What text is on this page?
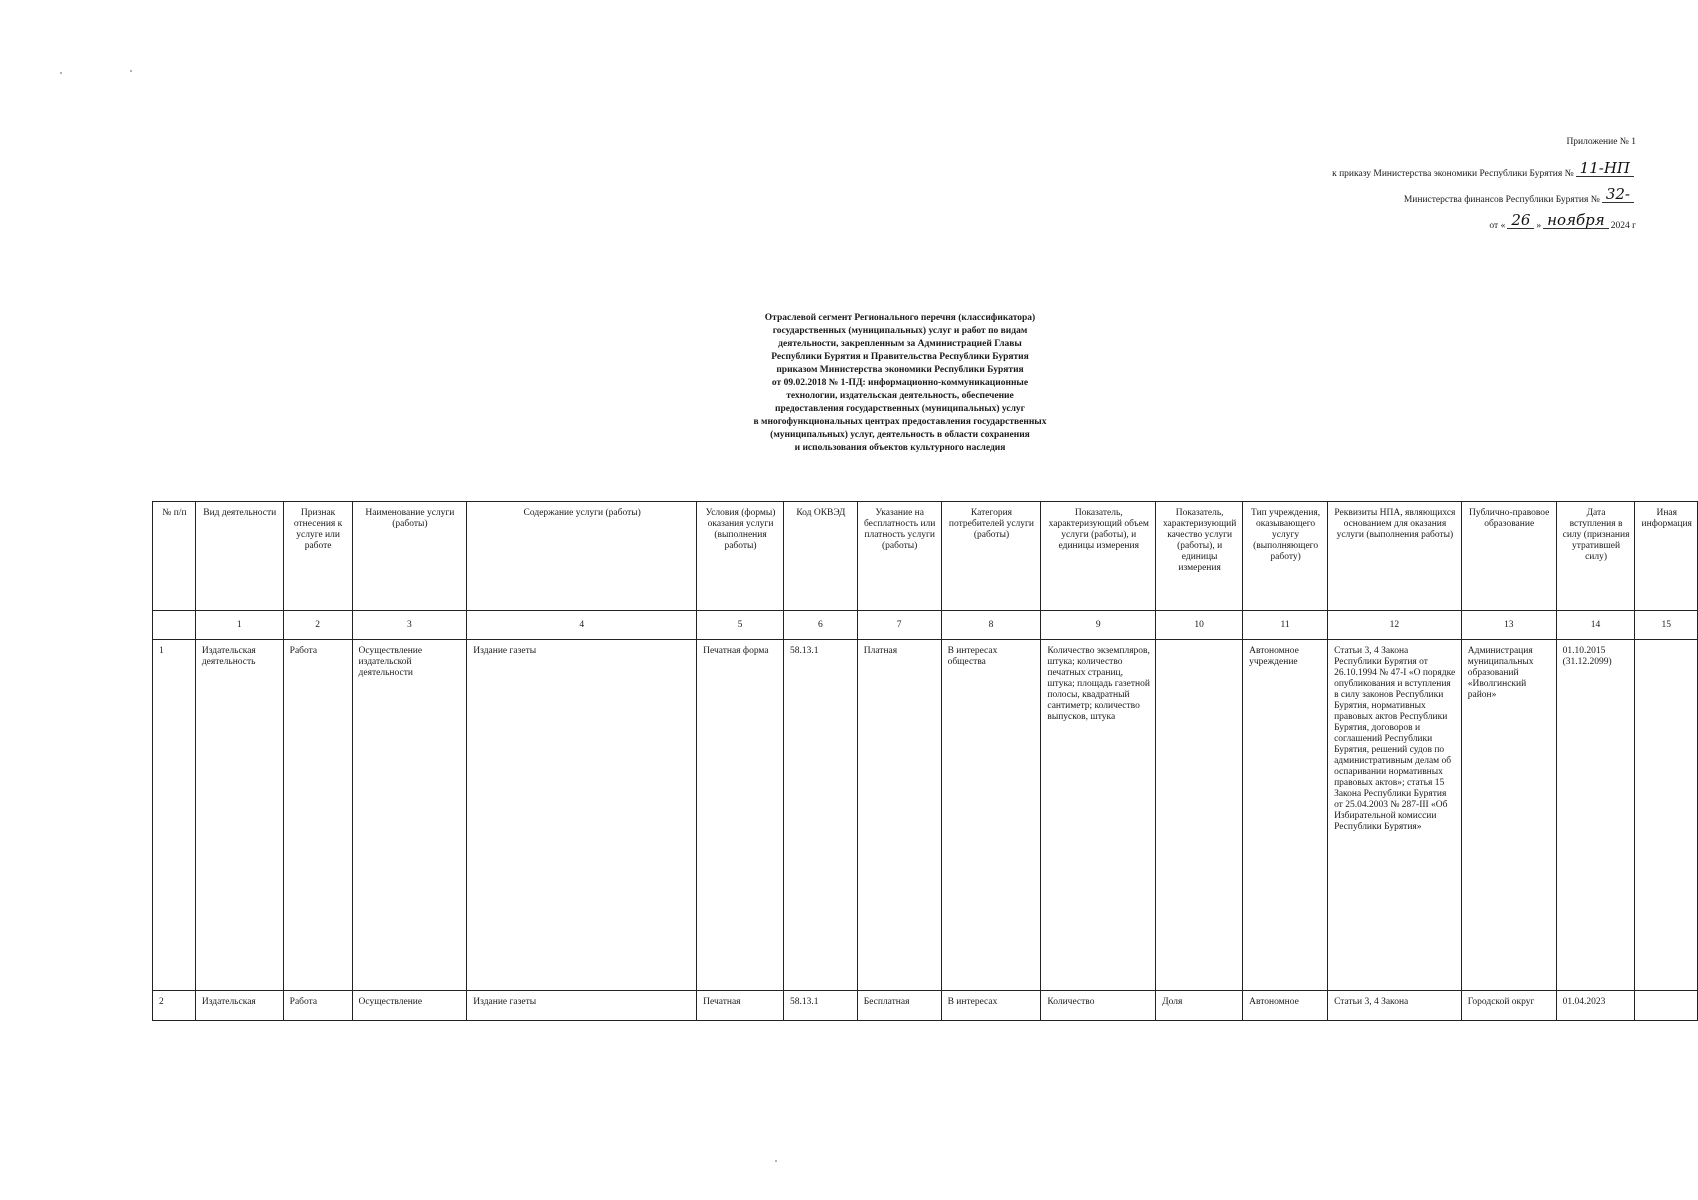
Приложение № 1
к приказу Министерства экономики Республики Бурятия № 11-НП
Министерства финансов Республики Бурятия № 32-
от « 26 » ноября 2024 г
Отраслевой сегмент Регионального перечня (классификатора)
государственных (муниципальных) услуг и работ по видам
деятельности, закрепленным за Администрацией Главы
Республики Бурятия и Правительства Республики Бурятия
приказом Министерства экономики Республики Бурятия
от 09.02.2018 № 1-ПД: информационно-коммуникационные
технологии, издательская деятельность, обеспечение
предоставления государственных (муниципальных) услуг
в многофункциональных центрах предоставления государственных
(муниципальных) услуг, деятельность в области сохранения
и использования объектов культурного наследия
№ п/п	Вид деятельности	Признак отнесения к услуге или работе	Наименование услуги (работы)	Содержание услуги (работы)	Условия (формы) оказания услуги (выполнения работы)	Код ОКВЭД	Указание на бесплатность или платность услуги (работы)	Категория потребителей услуги (работы)	Показатель, характеризующий объем услуги (работы), и единицы измерения	Показатель, характеризующий качество услуги (работы), и единицы измерения	Тип учреждения, оказывающего услугу (выполняющего работу)	Реквизиты НПА, являющихся основанием для оказания услуги (выполнения работы)	Публично-правовое образование	Дата вступления в силу (признания утратившей силу)	Иная информация
	1	2	3	4	5	6	7	8	9	10	11	12	13	14	15
1	Издательская деятельность	Работа	Осуществление издательской деятельности	Издание газеты	Печатная форма	58.13.1	Платная	В интересах общества	Количество экземпляров, штука; количество печатных страниц, штука; площадь газетной полосы, квадратный сантиметр; количество выпусков, штука		Автономное учреждение	Статьи 3, 4 Закона Республики Бурятия от 26.10.1994 № 47-I «О порядке опубликования и вступления в силу законов Республики Бурятия, нормативных правовых актов Республики Бурятия, договоров и соглашений Республики Бурятия, решений судов по административным делам об оспаривании нормативных правовых актов»; статья 15 Закона Республики Бурятия от 25.04.2003 № 287-III «Об Избирательной комиссии Республики Бурятия»	Администрация муниципальных образований «Иволгинский район»	01.10.2015 (31.12.2099)	

2	Издательская	Работа	Осуществление	Издание газеты	Печатная	58.13.1	Бесплатная	В интересах	Количество	Доля	Автономное	Статьи 3, 4 Закона	Городской округ	01.04.2023	
